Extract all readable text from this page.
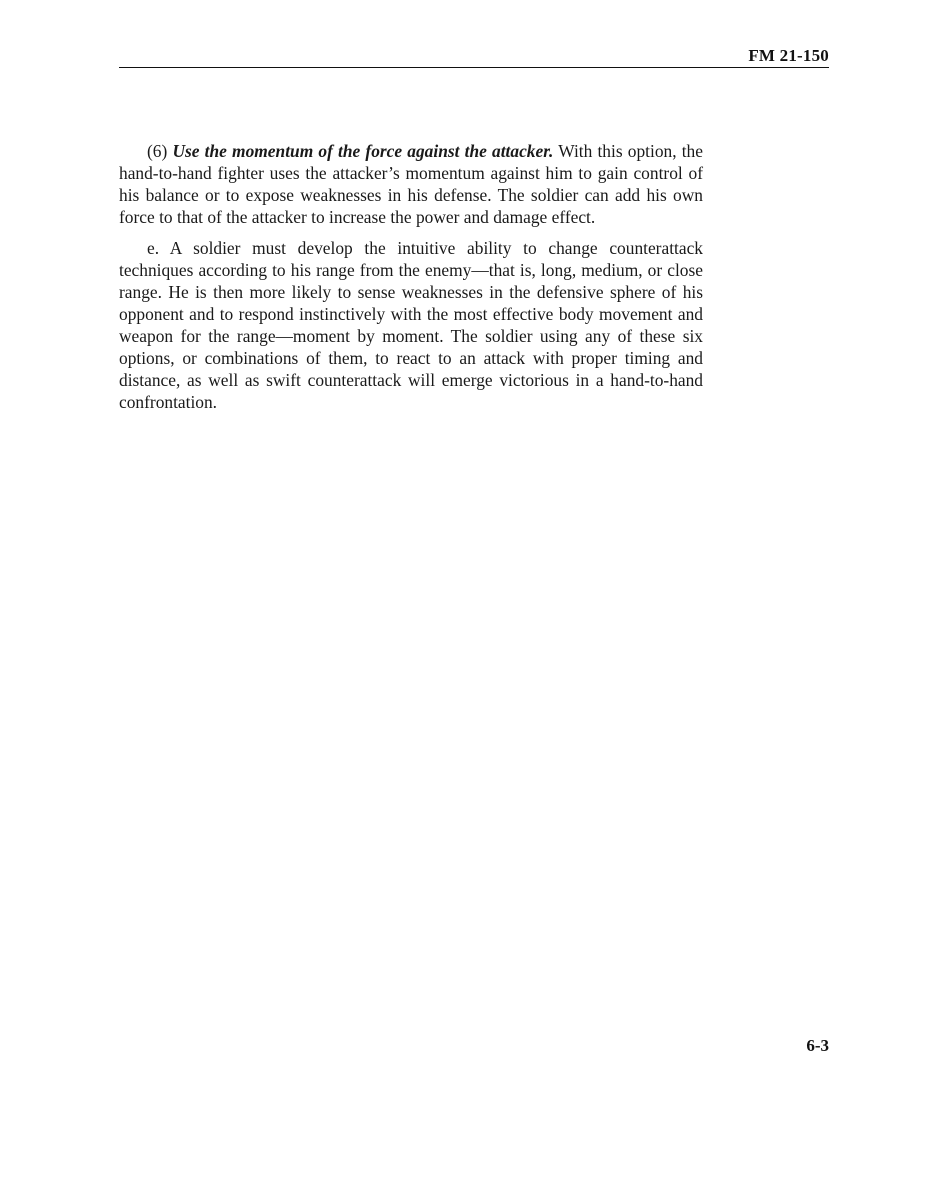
FM 21-150

(6) Use the momentum of the force against the attacker. With this option, the hand-to-hand fighter uses the attacker’s momentum against him to gain control of his balance or to expose weaknesses in his defense. The soldier can add his own force to that of the attacker to increase the power and damage effect.

e. A soldier must develop the intuitive ability to change counterattack techniques according to his range from the enemy—that is, long, medium, or close range. He is then more likely to sense weaknesses in the defensive sphere of his opponent and to respond instinctively with the most effective body movement and weapon for the range—moment by moment. The soldier using any of these six options, or combinations of them, to react to an attack with proper timing and distance, as well as swift counterattack will emerge victorious in a hand-to-hand confrontation.

6-3
